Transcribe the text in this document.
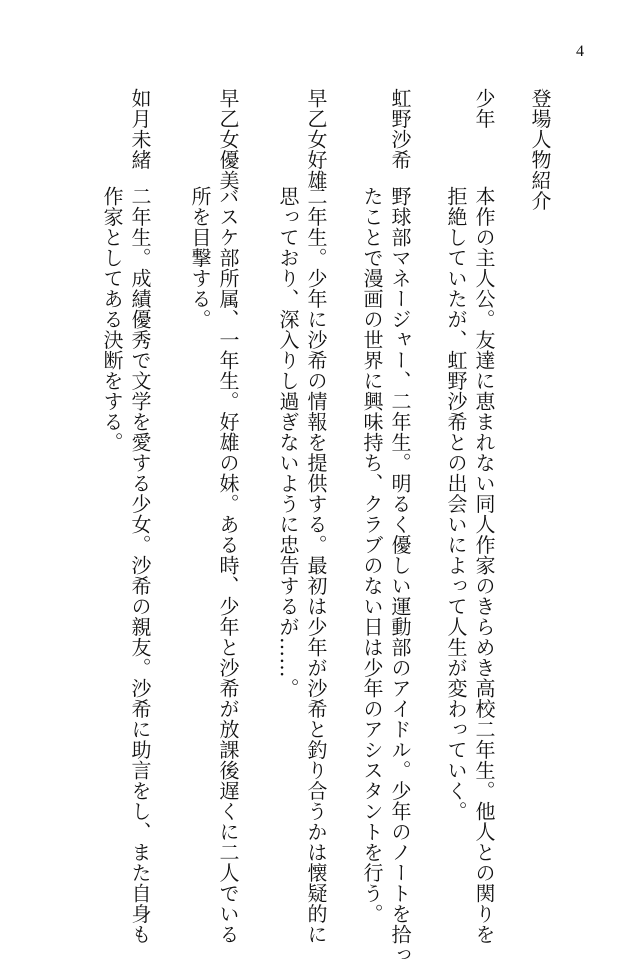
4
登場人物紹介
少年
本作の主人公。友達に恵まれない同人作家のきらめき高校二年生。他人との関りを
拒絶していたが、虹野沙希との出会いによって人生が変わっていく。
虹野沙希
野球部マネージャー、二年生。明るく優しい運動部のアイドル。少年のノートを拾っ
たことで漫画の世界に興味持ち、クラブのない日は少年のアシスタントを行う。
早乙女好雄
二年生。少年に沙希の情報を提供する。最初は少年が沙希と釣り合うかは懐疑的に
思っており、深入りし過ぎないように忠告するが……。
早乙女優美
バスケ部所属、一年生。好雄の妹。ある時、少年と沙希が放課後遅くに二人でいる
所を目撃する。
如月未緒
二年生。成績優秀で文学を愛する少女。沙希の親友。沙希に助言をし、また自身も
作家としてある決断をする。
